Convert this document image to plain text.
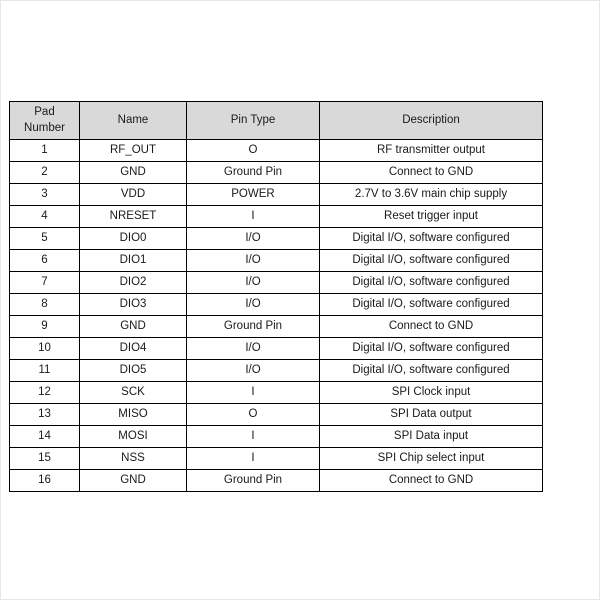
Pad Number	Name	Pin Type	Description
1	RF_OUT	O	RF transmitter output
2	GND	Ground Pin	Connect to GND
3	VDD	POWER	2.7V to 3.6V main chip supply
4	NRESET	I	Reset trigger input
5	DIO0	I/O	Digital I/O, software configured
6	DIO1	I/O	Digital I/O, software configured
7	DIO2	I/O	Digital I/O, software configured
8	DIO3	I/O	Digital I/O, software configured
9	GND	Ground Pin	Connect to GND
10	DIO4	I/O	Digital I/O, software configured
11	DIO5	I/O	Digital I/O, software configured
12	SCK	I	SPI Clock input
13	MISO	O	SPI Data output
14	MOSI	I	SPI Data input
15	NSS	I	SPI Chip select input
16	GND	Ground Pin	Connect to GND
